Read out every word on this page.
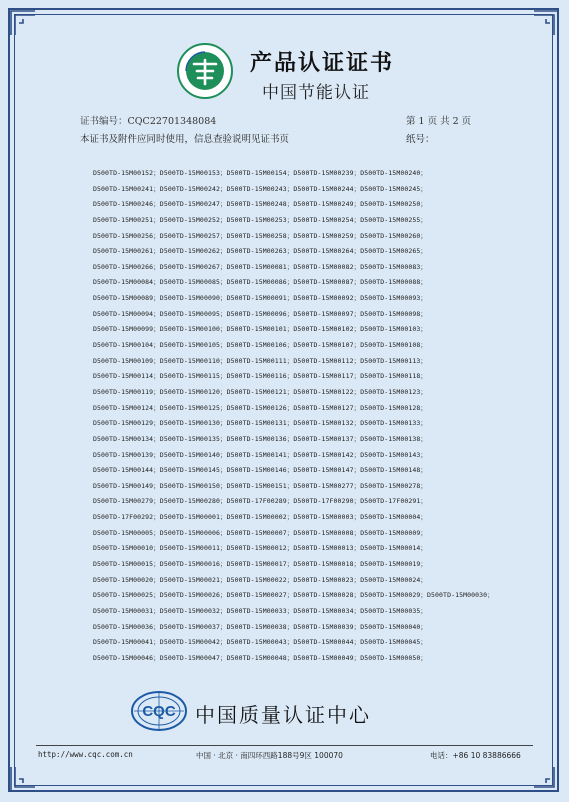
产品认证证书
中国节能认证
证书编号：CQC22701348084	第 1 页 共 2 页
本证书及附件应同时使用，信息查验说明见证书页	纸号：
D500TD-15M00152；D500TD-15M00153；D500TD-15M00154；D500TD-15M00239；D500TD-15M00240；
D500TD-15M00241；D500TD-15M00242；D500TD-15M00243；D500TD-15M00244；D500TD-15M00245；
D500TD-15M00246；D500TD-15M00247；D500TD-15M00248；D500TD-15M00249；D500TD-15M00250；
D500TD-15M00251；D500TD-15M00252；D500TD-15M00253；D500TD-15M00254；D500TD-15M00255；
D500TD-15M00256；D500TD-15M00257；D500TD-15M00258；D500TD-15M00259；D500TD-15M00260；
D500TD-15M00261；D500TD-15M00262；D500TD-15M00263；D500TD-15M00264；D500TD-15M00265；
D500TD-15M00266；D500TD-15M00267；D500TD-15M00081；D500TD-15M00082；D500TD-15M00083；
D500TD-15M00084；D500TD-15M00085；D500TD-15M00086；D500TD-15M00087；D500TD-15M00088；
D500TD-15M00089；D500TD-15M00090；D500TD-15M00091；D500TD-15M00092；D500TD-15M00093；
D500TD-15M00094；D500TD-15M00095；D500TD-15M00096；D500TD-15M00097；D500TD-15M00098；
D500TD-15M00099；D500TD-15M00100；D500TD-15M00101；D500TD-15M00102；D500TD-15M00103；
D500TD-15M00104；D500TD-15M00105；D500TD-15M00106；D500TD-15M00107；D500TD-15M00108；
D500TD-15M00109；D500TD-15M00110；D500TD-15M00111；D500TD-15M00112；D500TD-15M00113；
D500TD-15M00114；D500TD-15M00115；D500TD-15M00116；D500TD-15M00117；D500TD-15M00118；
D500TD-15M00119；D500TD-15M00120；D500TD-15M00121；D500TD-15M00122；D500TD-15M00123；
D500TD-15M00124；D500TD-15M00125；D500TD-15M00126；D500TD-15M00127；D500TD-15M00128；
D500TD-15M00129；D500TD-15M00130；D500TD-15M00131；D500TD-15M00132；D500TD-15M00133；
D500TD-15M00134；D500TD-15M00135；D500TD-15M00136；D500TD-15M00137；D500TD-15M00138；
D500TD-15M00139；D500TD-15M00140；D500TD-15M00141；D500TD-15M00142；D500TD-15M00143；
D500TD-15M00144；D500TD-15M00145；D500TD-15M00146；D500TD-15M00147；D500TD-15M00148；
D500TD-15M00149；D500TD-15M00150；D500TD-15M00151；D500TD-15M00277；D500TD-15M00278；
D500TD-15M00279；D500TD-15M00280；D500TD-17F00289；D500TD-17F00290；D500TD-17F00291；
D500TD-17F00292；D500TD-15M00001；D500TD-15M00002；D500TD-15M00003；D500TD-15M00004；
D500TD-15M00005；D500TD-15M00006；D500TD-15M00007；D500TD-15M00008；D500TD-15M00009；
D500TD-15M00010；D500TD-15M00011；D500TD-15M00012；D500TD-15M00013；D500TD-15M00014；
D500TD-15M00015；D500TD-15M00016；D500TD-15M00017；D500TD-15M00018；D500TD-15M00019；
D500TD-15M00020；D500TD-15M00021；D500TD-15M00022；D500TD-15M00023；D500TD-15M00024；
D500TD-15M00025；D500TD-15M00026；D500TD-15M00027；D500TD-15M00028；D500TD-15M00029；D500TD-15M00030；
D500TD-15M00031；D500TD-15M00032；D500TD-15M00033；D500TD-15M00034；D500TD-15M00035；
D500TD-15M00036；D500TD-15M00037；D500TD-15M00038；D500TD-15M00039；D500TD-15M00040；
D500TD-15M00041；D500TD-15M00042；D500TD-15M00043；D500TD-15M00044；D500TD-15M00045；
D500TD-15M00046；D500TD-15M00047；D500TD-15M00048；D500TD-15M00049；D500TD-15M00050；
CQC 中国质量认证中心
http://www.cqc.com.cn	中国 · 北京 · 南四环西路188号9区 100070	电话：+86 10 83886666
